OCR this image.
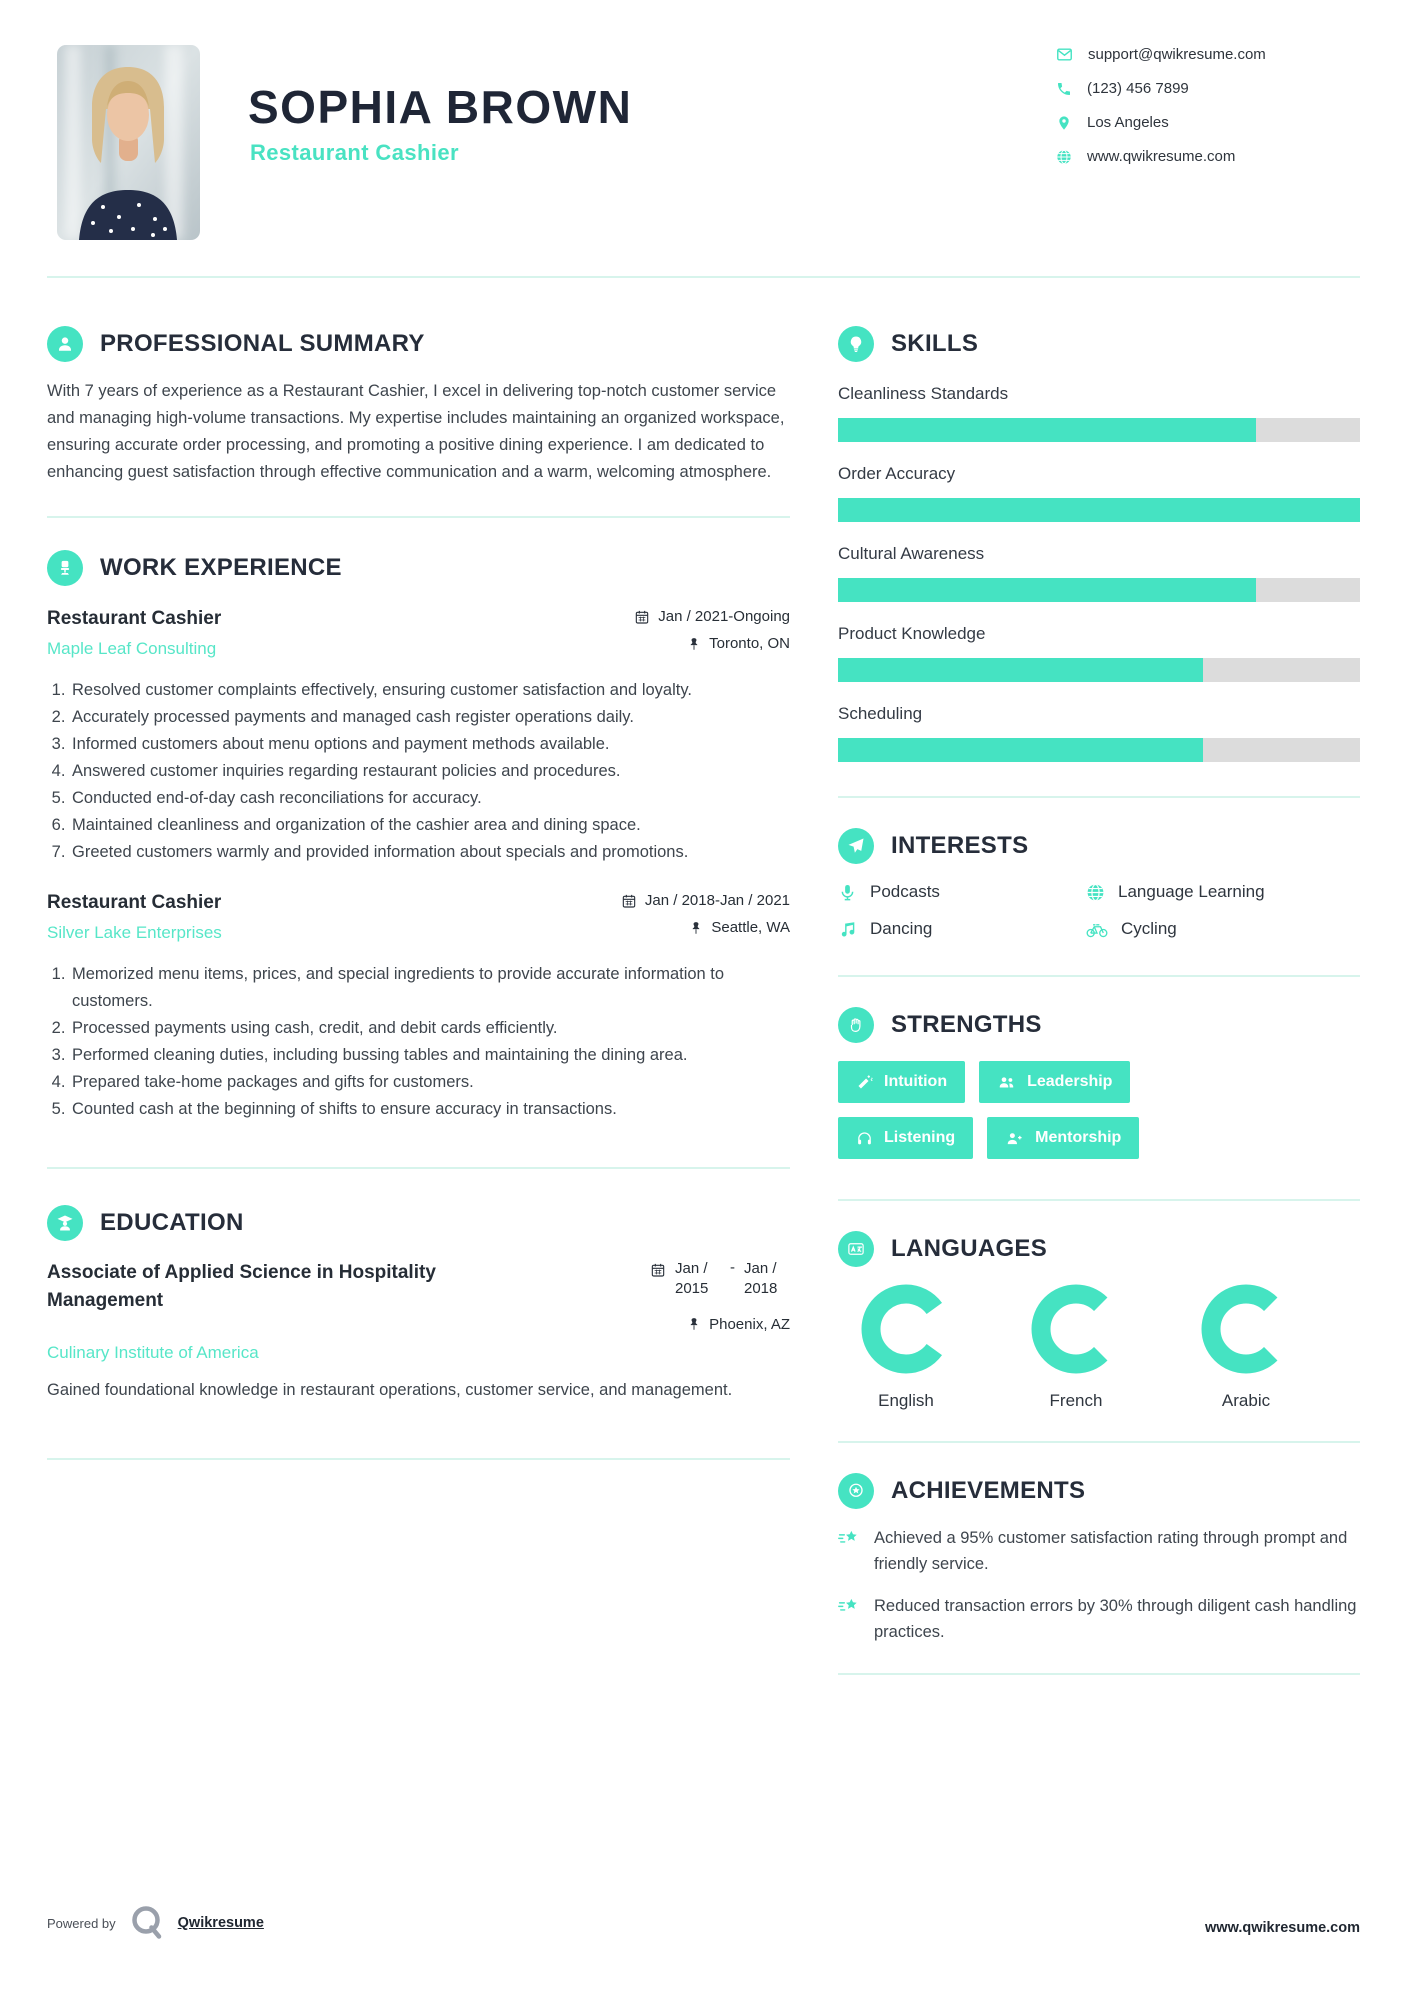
SOPHIA BROWN
Restaurant Cashier
support@qwikresume.com
(123) 456 7899
Los Angeles
www.qwikresume.com
PROFESSIONAL SUMMARY

With 7 years of experience as a Restaurant Cashier, I excel in delivering top-notch customer service and managing high-volume transactions. My expertise includes maintaining an organized workspace, ensuring accurate order processing, and promoting a positive dining experience. I am dedicated to enhancing guest satisfaction through effective communication and a warm, welcoming atmosphere.

WORK EXPERIENCE
Restaurant Cashier
Maple Leaf Consulting
Jan / 2021-Ongoing
Toronto, ON
1. Resolved customer complaints effectively, ensuring customer satisfaction and loyalty.
2. Accurately processed payments and managed cash register operations daily.
3. Informed customers about menu options and payment methods available.
4. Answered customer inquiries regarding restaurant policies and procedures.
5. Conducted end-of-day cash reconciliations for accuracy.
6. Maintained cleanliness and organization of the cashier area and dining space.
7. Greeted customers warmly and provided information about specials and promotions.
Restaurant Cashier
Silver Lake Enterprises
Jan / 2018-Jan / 2021
Seattle, WA
1. Memorized menu items, prices, and special ingredients to provide accurate information to customers.
2. Processed payments using cash, credit, and debit cards efficiently.
3. Performed cleaning duties, including bussing tables and maintaining the dining area.
4. Prepared take-home packages and gifts for customers.
5. Counted cash at the beginning of shifts to ensure accuracy in transactions.
EDUCATION
Associate of Applied Science in Hospitality Management
Jan / 2015
- Jan / 2018
Phoenix, AZ
Culinary Institute of America

Gained foundational knowledge in restaurant operations, customer service, and management.

SKILLS
Cleanliness Standards
Order Accuracy
Cultural Awareness
Product Knowledge
Scheduling
INTERESTS
Podcasts	Language Learning
Dancing	Cycling
STRENGTHS
Intuition	Leadership
Listening	Mentorship
LANGUAGES
English	French	Arabic
ACHIEVEMENTS
Achieved a 95% customer satisfaction rating through prompt and friendly service.
Reduced transaction errors by 30% through diligent cash handling practices.
Powered by	Qwikresume	www.qwikresume.com
